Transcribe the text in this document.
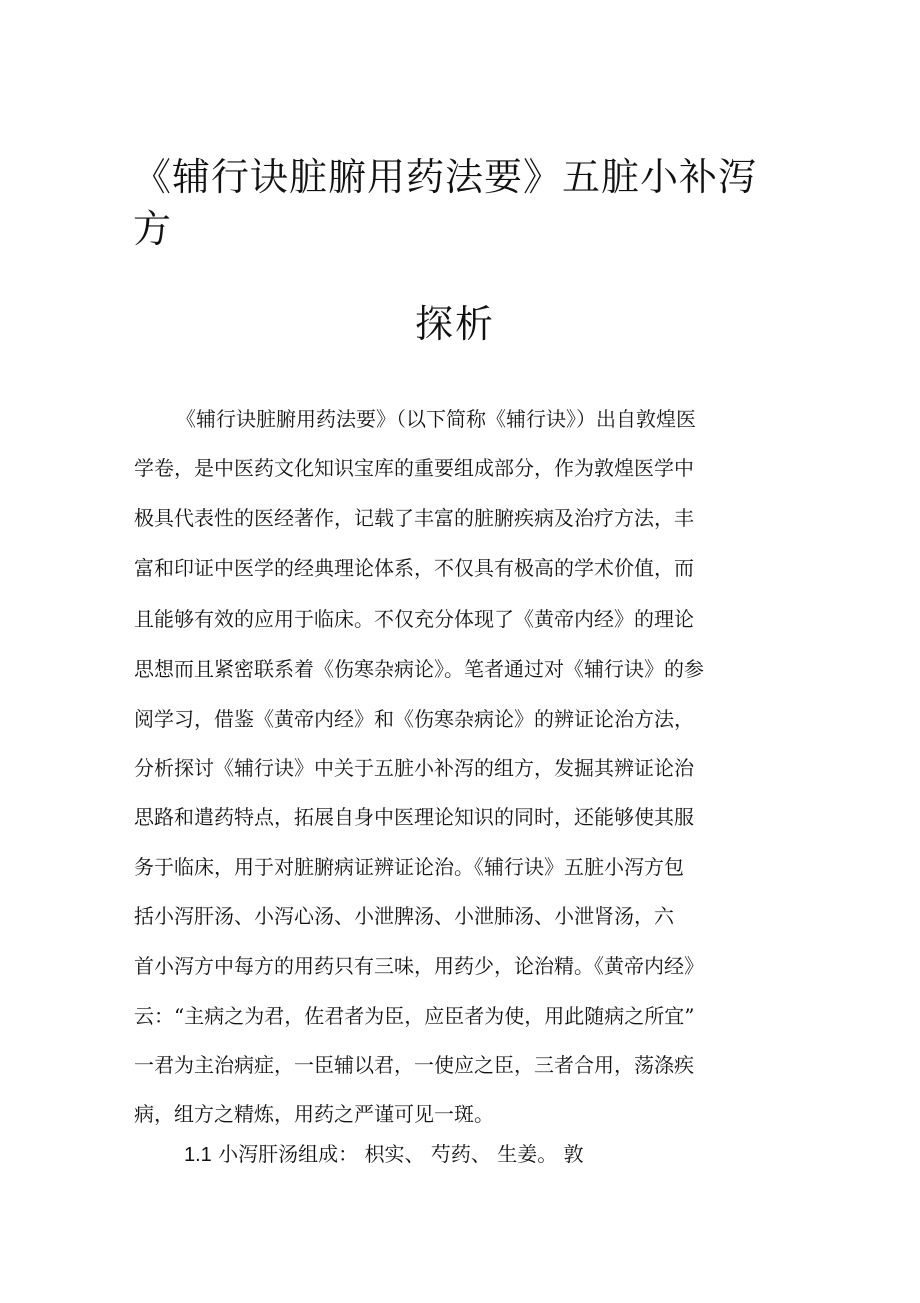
《辅行诀脏腑用药法要》五脏小补泻
方
探析
《辅行诀脏腑用药法要》（以下简称《辅行诀》）出自敦煌医
学卷，是中医药文化知识宝库的重要组成部分，作为敦煌医学中
极具代表性的医经著作，记载了丰富的脏腑疾病及治疗方法，丰
富和印证中医学的经典理论体系，不仅具有极高的学术价值，而
且能够有效的应用于临床。不仅充分体现了《黄帝内经》的理论
思想而且紧密联系着《伤寒杂病论》。笔者通过对《辅行诀》的参
阅学习，借鉴《黄帝内经》和《伤寒杂病论》的辨证论治方法，
分析探讨《辅行诀》中关于五脏小补泻的组方，发掘其辨证论治
思路和遣药特点，拓展自身中医理论知识的同时，还能够使其服
务于临床，用于对脏腑病证辨证论治。《辅行诀》五脏小泻方包
括小泻肝汤、小泻心汤、小泄脾汤、小泄肺汤、小泄肾汤，六
首小泻方中每方的用药只有三味，用药少，论治精。《黄帝内经》
云：“主病之为君，佐君者为臣，应臣者为使，用此随病之所宜”
一君为主治病症，一臣辅以君，一使应之臣，三者合用，荡涤疾
病，组方之精炼，用药之严谨可见一斑。
1.1 小泻肝汤组成： 枳实、 芍药、 生姜。 敦
